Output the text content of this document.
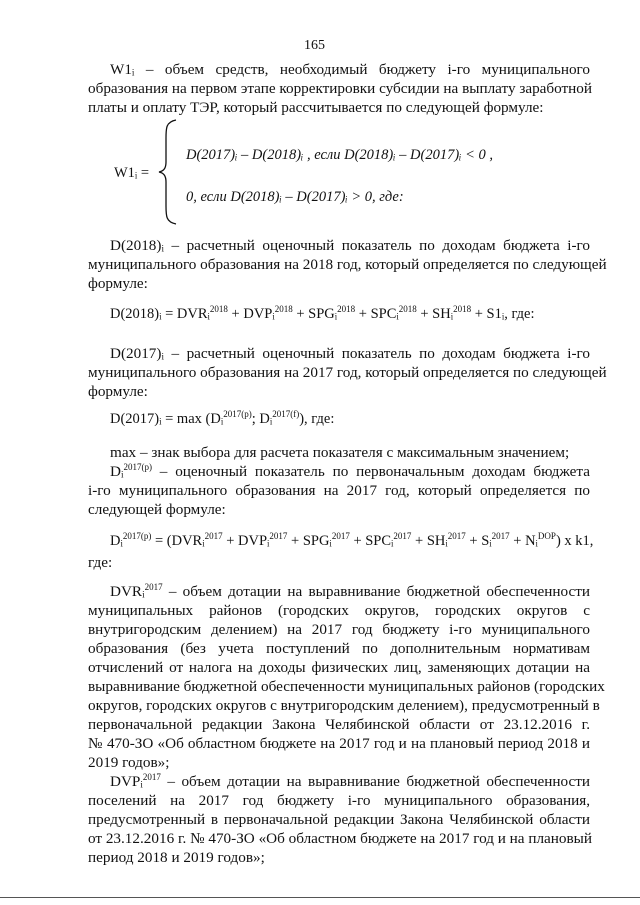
165
W1ᵢ – объем средств, необходимый бюджету i-го муниципального
образования на первом этапе корректировки субсидии на выплату заработной
платы и оплату ТЭР, который рассчитывается по следующей формуле:
W1ᵢ =
D(2017)ᵢ – D(2018)ᵢ , если D(2018)ᵢ – D(2017)ᵢ < 0 ,
0, если D(2018)ᵢ – D(2017)ᵢ > 0, где:
D(2018)ᵢ – расчетный оценочный показатель по доходам бюджета i-го
муниципального образования на 2018 год, который определяется по следующей
формуле:
D(2018)ᵢ = DVRᵢ$^{2018}$ + DVPᵢ$^{2018}$ + SPGᵢ$^{2018}$ + SPCᵢ$^{2018}$ + SHᵢ$^{2018}$ + S1ᵢ, где:
D(2017)ᵢ – расчетный оценочный показатель по доходам бюджета i-го
муниципального образования на 2017 год, который определяется по следующей
формуле:
D(2017)ᵢ = max (Dᵢ$^{2017(p)}$; Dᵢ$^{2017(f)}$), где:
max – знак выбора для расчета показателя с максимальным значением;
Dᵢ$^{2017(p)}$ – оценочный показатель по первоначальным доходам бюджета
i-го муниципального образования на 2017 год, который определяется по
следующей формуле:
Dᵢ$^{2017(p)}$ = (DVRᵢ$^{2017}$ + DVPᵢ$^{2017}$ + SPGᵢ$^{2017}$ + SPCᵢ$^{2017}$ + SHᵢ$^{2017}$ + Sᵢ$^{2017}$ + Nᵢ$^{DOP}$) x k1,
где:
DVRᵢ$^{2017}$ – объем дотации на выравнивание бюджетной обеспеченности
муниципальных районов (городских округов, городских округов с
внутригородским делением) на 2017 год бюджету i-го муниципального
образования (без учета поступлений по дополнительным нормативам
отчислений от налога на доходы физических лиц, заменяющих дотации на
выравнивание бюджетной обеспеченности муниципальных районов (городских
округов, городских округов с внутригородским делением), предусмотренный в
первоначальной редакции Закона Челябинской области от 23.12.2016 г.
№ 470-ЗО «Об областном бюджете на 2017 год и на плановый период 2018 и
2019 годов»;
DVPᵢ$^{2017}$ – объем дотации на выравнивание бюджетной обеспеченности
поселений на 2017 год бюджету i-го муниципального образования,
предусмотренный в первоначальной редакции Закона Челябинской области
от 23.12.2016 г. № 470-ЗО «Об областном бюджете на 2017 год и на плановый
период 2018 и 2019 годов»;
